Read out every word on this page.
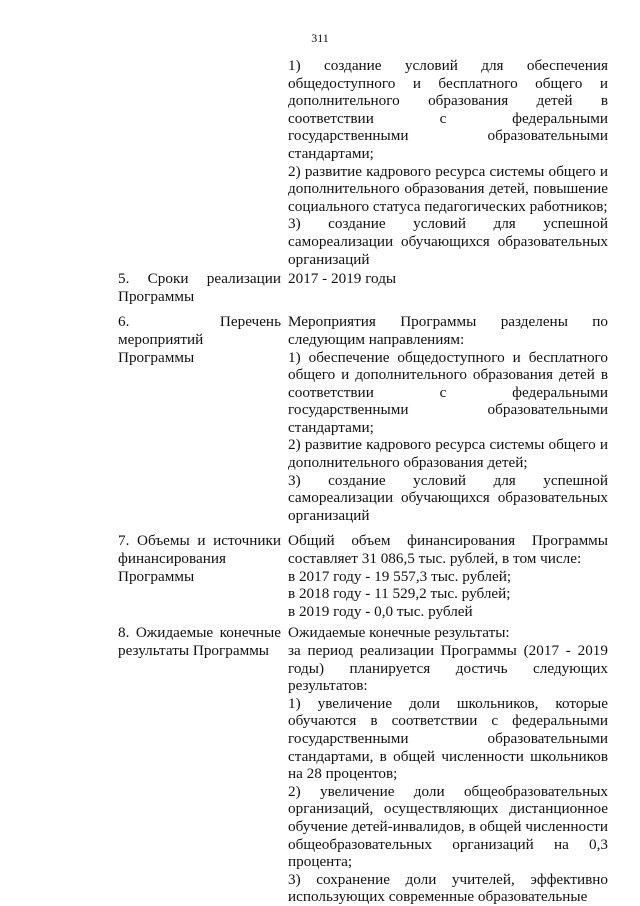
311

1) создание условий для обеспечения общедоступного и бесплатного общего и дополнительного образования детей в соответствии с федеральными государственными образовательными стандартами;

2) развитие кадрового ресурса системы общего и дополнительного образования детей, повышение социального статуса педагогических работников;

3) создание условий для успешной самореализации обучающихся образовательных организаций

5. Сроки реализации Программы

2017 - 2019 годы

6. Перечень мероприятий Программы

Мероприятия Программы разделены по следующим направлениям:

1) обеспечение общедоступного и бесплатного общего и дополнительного образования детей в соответствии с федеральными государственными образовательными стандартами;

2) развитие кадрового ресурса системы общего и дополнительного образования детей;

3) создание условий для успешной самореализации обучающихся образовательных организаций

7. Объемы и источники финансирования Программы

Общий объем финансирования Программы составляет 31 086,5 тыс. рублей, в том числе:

в 2017 году - 19 557,3 тыс. рублей;

в 2018 году - 11 529,2 тыс. рублей;

в 2019 году - 0,0 тыс. рублей

8. Ожидаемые конечные результаты Программы

Ожидаемые конечные результаты:

за период реализации Программы (2017 - 2019 годы) планируется достичь следующих результатов:

1) увеличение доли школьников, которые обучаются в соответствии с федеральными государственными образовательными стандартами, в общей численности школьников на 28 процентов;

2) увеличение доли общеобразовательных организаций, осуществляющих дистанционное обучение детей-инвалидов, в общей численности общеобразовательных организаций на 0,3 процента;

3) сохранение доли учителей, эффективно использующих современные образовательные
